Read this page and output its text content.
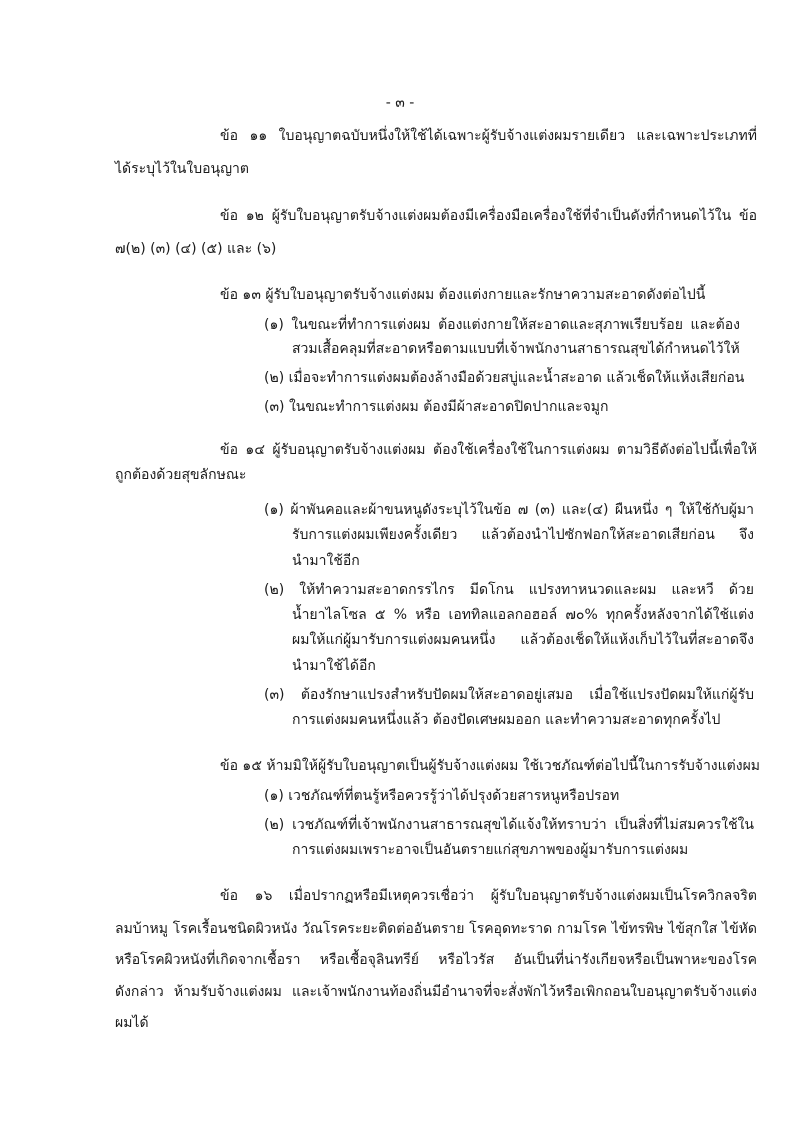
- ๓ -
ข้อ ๑๑ ใบอนุญาตฉบับหนึ่งให้ใช้ได้เฉพาะผู้รับจ้างแต่งผมรายเดียว และเฉพาะประเภทที่
ได้ระบุไว้ในใบอนุญาต
ข้อ ๑๒ ผู้รับใบอนุญาตรับจ้างแต่งผมต้องมีเครื่องมือเครื่องใช้ที่จำเป็นดังที่กำหนดไว้ใน ข้อ
๗(๒) (๓) (๔) (๕) และ (๖)
ข้อ ๑๓ ผู้รับใบอนุญาตรับจ้างแต่งผม ต้องแต่งกายและรักษาความสะอาดดังต่อไปนี้
(๑) ในขณะที่ทำการแต่งผม ต้องแต่งกายให้สะอาดและสุภาพเรียบร้อย และต้อง
สวมเสื้อคลุมที่สะอาดหรือตามแบบที่เจ้าพนักงานสาธารณสุขได้กำหนดไว้ให้
(๒) เมื่อจะทำการแต่งผมต้องล้างมือด้วยสบู่และน้ำสะอาด แล้วเช็ดให้แห้งเสียก่อน
(๓) ในขณะทำการแต่งผม ต้องมีผ้าสะอาดปิดปากและจมูก
ข้อ ๑๔ ผู้รับอนุญาตรับจ้างแต่งผม ต้องใช้เครื่องใช้ในการแต่งผม ตามวิธีดังต่อไปนี้เพื่อให้
ถูกต้องด้วยสุขลักษณะ
(๑) ผ้าพันคอและผ้าขนหนูดังระบุไว้ในข้อ ๗ (๓) และ(๔) ผืนหนึ่ง ๆ ให้ใช้กับผู้มา
รับการแต่งผมเพียงครั้งเดียว แล้วต้องนำไปซักฟอกให้สะอาดเสียก่อน จึง
นำมาใช้อีก
(๒) ให้ทำความสะอาดกรรไกร มีดโกน แปรงทาหนวดและผม และหวี ด้วย
น้ำยาไลโซล ๕ % หรือ เอททิลแอลกอฮอล์ ๗๐% ทุกครั้งหลังจากได้ใช้แต่ง
ผมให้แก่ผู้มารับการแต่งผมคนหนึ่ง แล้วต้องเช็ดให้แห้งเก็บไว้ในที่สะอาดจึง
นำมาใช้ได้อีก
(๓) ต้องรักษาแปรงสำหรับปัดผมให้สะอาดอยู่เสมอ เมื่อใช้แปรงปัดผมให้แก่ผู้รับ
การแต่งผมคนหนึ่งแล้ว ต้องปัดเศษผมออก และทำความสะอาดทุกครั้งไป
ข้อ ๑๕ ห้ามมิให้ผู้รับใบอนุญาตเป็นผู้รับจ้างแต่งผม ใช้เวชภัณฑ์ต่อไปนี้ในการรับจ้างแต่งผม
(๑) เวชภัณฑ์ที่ตนรู้หรือควรรู้ว่าได้ปรุงด้วยสารหนูหรือปรอท
(๒) เวชภัณฑ์ที่เจ้าพนักงานสาธารณสุขได้แจ้งให้ทราบว่า เป็นสิ่งที่ไม่สมควรใช้ใน
การแต่งผมเพราะอาจเป็นอันตรายแก่สุขภาพของผู้มารับการแต่งผม
ข้อ ๑๖ เมื่อปรากฏหรือมีเหตุควรเชื่อว่า ผู้รับใบอนุญาตรับจ้างแต่งผมเป็นโรควิกลจริต
ลมบ้าหมู โรคเรื้อนชนิดผิวหนัง วัณโรคระยะติดต่ออันตราย โรคอุดทะราด กามโรค ไข้ทรพิษ ไข้สุกใส ไข้หัด
หรือโรคผิวหนังที่เกิดจากเชื้อรา หรือเชื้อจุลินทรีย์ หรือไวรัส อันเป็นที่น่ารังเกียจหรือเป็นพาหะของโรค
ดังกล่าว ห้ามรับจ้างแต่งผม และเจ้าพนักงานท้องถิ่นมีอำนาจที่จะสั่งพักไว้หรือเพิกถอนใบอนุญาตรับจ้างแต่ง
ผมได้
